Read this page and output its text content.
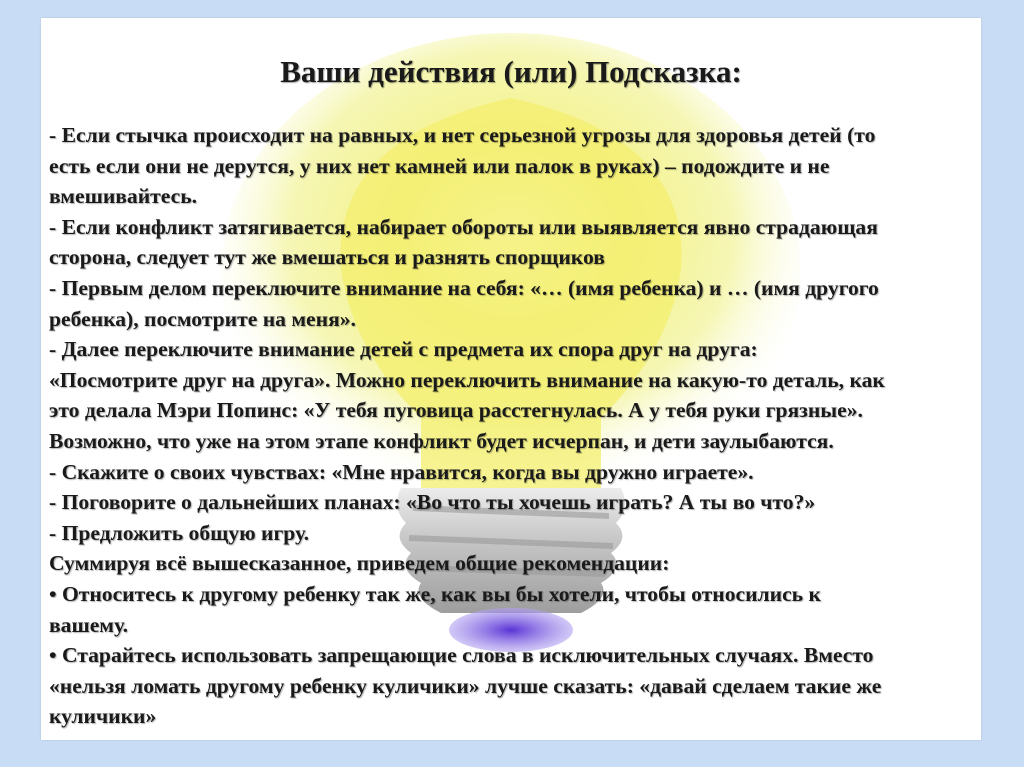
Ваши действия (или) Подсказка:
- Если стычка происходит на равных, и нет серьезной угрозы для здоровья детей (то
есть если они не дерутся, у них нет камней или палок в руках) – подождите и не
вмешивайтесь.
- Если конфликт затягивается, набирает обороты или выявляется явно страдающая
сторона, следует тут же вмешаться и разнять спорщиков
- Первым делом переключите внимание на себя: «… (имя ребенка) и … (имя другого
ребенка), посмотрите на меня».
- Далее переключите внимание детей с предмета их спора друг на друга:
«Посмотрите друг на друга». Можно переключить внимание на какую-то деталь, как
это делала Мэри Попинс: «У тебя пуговица расстегнулась. А у тебя руки грязные».
Возможно, что уже на этом этапе конфликт будет исчерпан, и дети заулыбаются.
- Скажите о своих чувствах: «Мне нравится, когда вы дружно играете».
- Поговорите о дальнейших планах: «Во что ты хочешь играть? А ты во что?»
- Предложить общую игру.
Суммируя всё вышесказанное, приведем общие рекомендации:
• Относитесь к другому ребенку так же, как вы бы хотели, чтобы относились к
вашему.
• Старайтесь использовать запрещающие слова в исключительных случаях. Вместо
«нельзя ломать другому ребенку куличики» лучше сказать: «давай сделаем такие же
куличики»
